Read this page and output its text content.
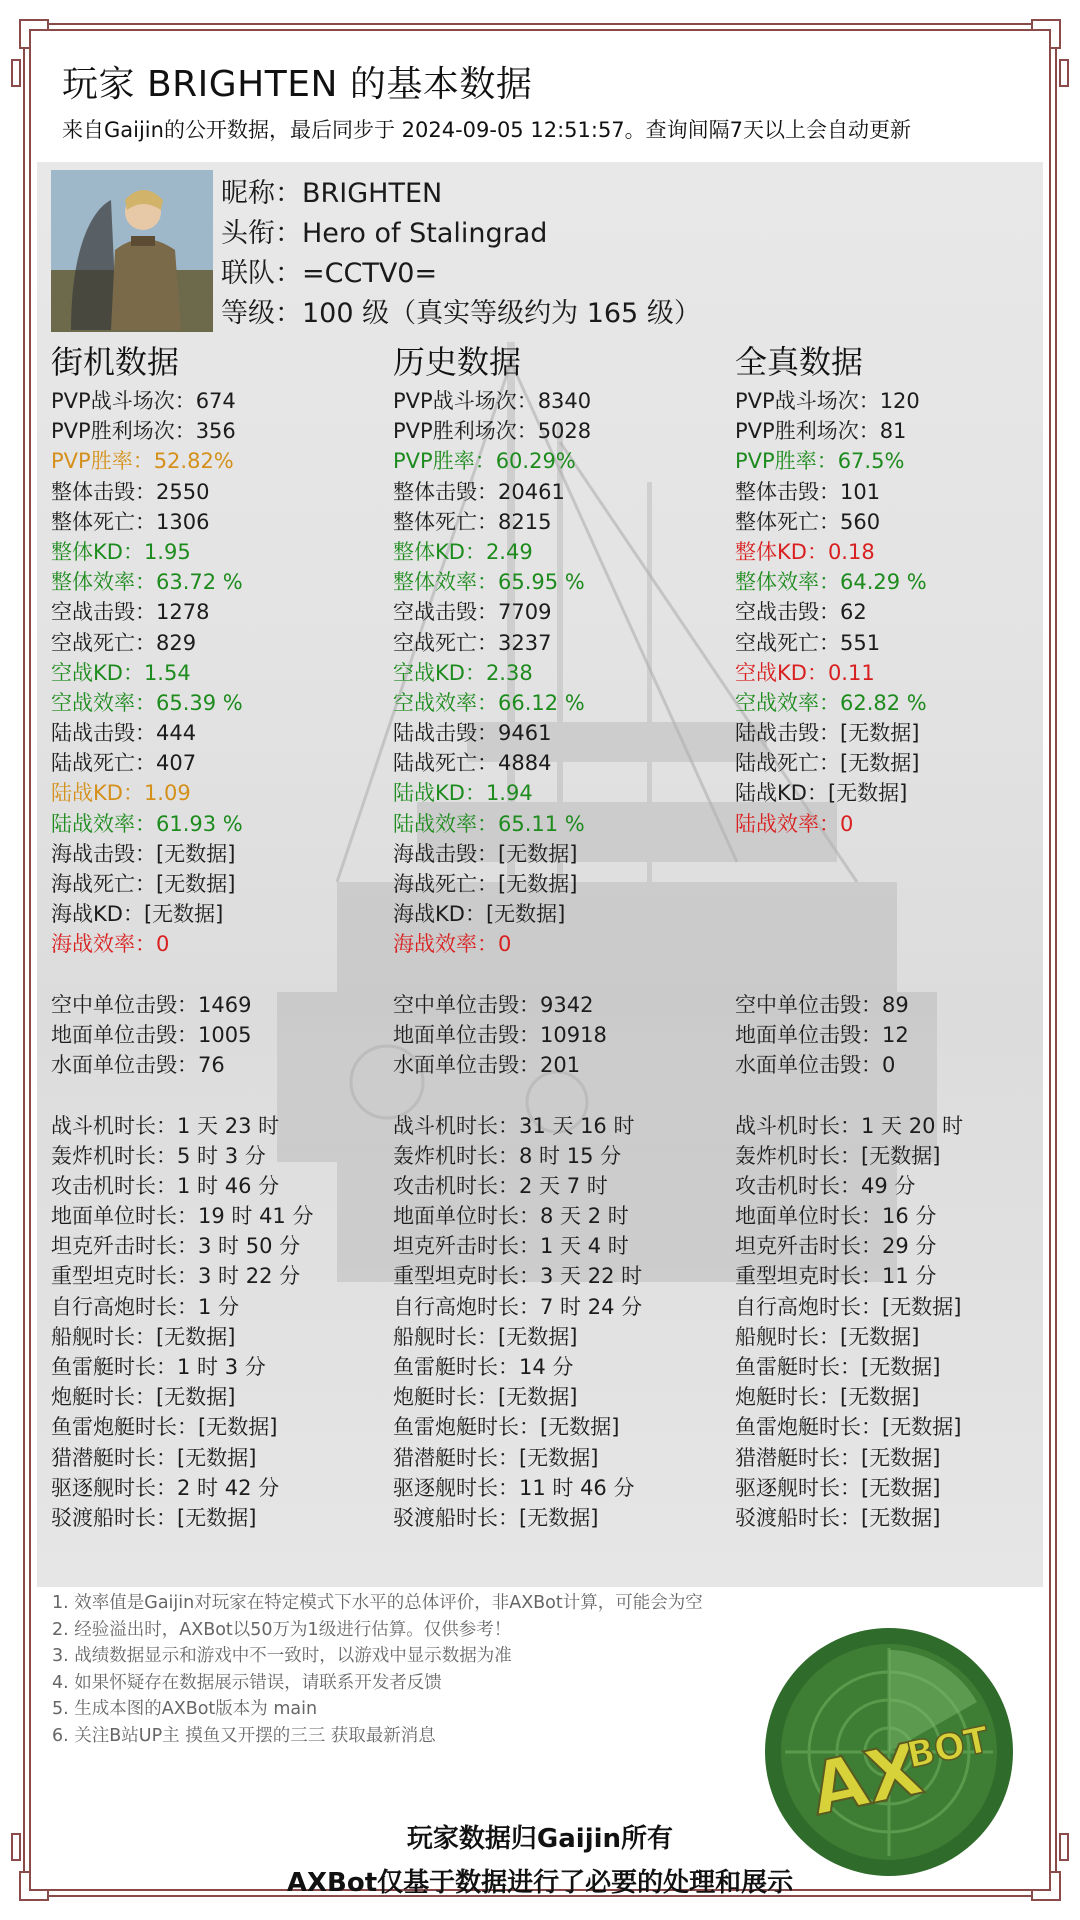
玩家 BRIGHTEN 的基本数据
来自Gaijin的公开数据，最后同步于 2024-09-05 12:51:57。查询间隔7天以上会自动更新
昵称：BRIGHTEN
头衔：Hero of Stalingrad
联队：=CCTV0=
等级：100 级（真实等级约为 165 级）
街机数据
PVP战斗场次：674
PVP胜利场次：356
PVP胜率：52.82%
整体击毁：2550
整体死亡：1306
整体KD：1.95
整体效率：63.72 %
空战击毁：1278
空战死亡：829
空战KD：1.54
空战效率：65.39 %
陆战击毁：444
陆战死亡：407
陆战KD：1.09
陆战效率：61.93 %
海战击毁：[无数据]
海战死亡：[无数据]
海战KD：[无数据]
海战效率：0
空中单位击毁：1469
地面单位击毁：1005
水面单位击毁：76
战斗机时长：1 天 23 时
轰炸机时长：5 时 3 分
攻击机时长：1 时 46 分
地面单位时长：19 时 41 分
坦克歼击时长：3 时 50 分
重型坦克时长：3 时 22 分
自行高炮时长：1 分
船舰时长：[无数据]
鱼雷艇时长：1 时 3 分
炮艇时长：[无数据]
鱼雷炮艇时长：[无数据]
猎潜艇时长：[无数据]
驱逐舰时长：2 时 42 分
驳渡船时长：[无数据]
历史数据
PVP战斗场次：8340
PVP胜利场次：5028
PVP胜率：60.29%
整体击毁：20461
整体死亡：8215
整体KD：2.49
整体效率：65.95 %
空战击毁：7709
空战死亡：3237
空战KD：2.38
空战效率：66.12 %
陆战击毁：9461
陆战死亡：4884
陆战KD：1.94
陆战效率：65.11 %
海战击毁：[无数据]
海战死亡：[无数据]
海战KD：[无数据]
海战效率：0
空中单位击毁：9342
地面单位击毁：10918
水面单位击毁：201
战斗机时长：31 天 16 时
轰炸机时长：8 时 15 分
攻击机时长：2 天 7 时
地面单位时长：8 天 2 时
坦克歼击时长：1 天 4 时
重型坦克时长：3 天 22 时
自行高炮时长：7 时 24 分
船舰时长：[无数据]
鱼雷艇时长：14 分
炮艇时长：[无数据]
鱼雷炮艇时长：[无数据]
猎潜艇时长：[无数据]
驱逐舰时长：11 时 46 分
驳渡船时长：[无数据]
全真数据
PVP战斗场次：120
PVP胜利场次：81
PVP胜率：67.5%
整体击毁：101
整体死亡：560
整体KD：0.18
整体效率：64.29 %
空战击毁：62
空战死亡：551
空战KD：0.11
空战效率：62.82 %
陆战击毁：[无数据]
陆战死亡：[无数据]
陆战KD：[无数据]
陆战效率：0
空中单位击毁：89
地面单位击毁：12
水面单位击毁：0
战斗机时长：1 天 20 时
轰炸机时长：[无数据]
攻击机时长：49 分
地面单位时长：16 分
坦克歼击时长：29 分
重型坦克时长：11 分
自行高炮时长：[无数据]
船舰时长：[无数据]
鱼雷艇时长：[无数据]
炮艇时长：[无数据]
鱼雷炮艇时长：[无数据]
猎潜艇时长：[无数据]
驱逐舰时长：[无数据]
驳渡船时长：[无数据]
1. 效率值是Gaijin对玩家在特定模式下水平的总体评价，非AXBot计算，可能会为空
2. 经验溢出时，AXBot以50万为1级进行估算。仅供参考！
3. 战绩数据显示和游戏中不一致时，以游戏中显示数据为准
4. 如果怀疑存在数据展示错误，请联系开发者反馈
5. 生成本图的AXBot版本为 main
6. 关注B站UP主 摸鱼又开摆的三三 获取最新消息	AX
BOT
玩家数据归Gaijin所有
AXBot仅基于数据进行了必要的处理和展示
